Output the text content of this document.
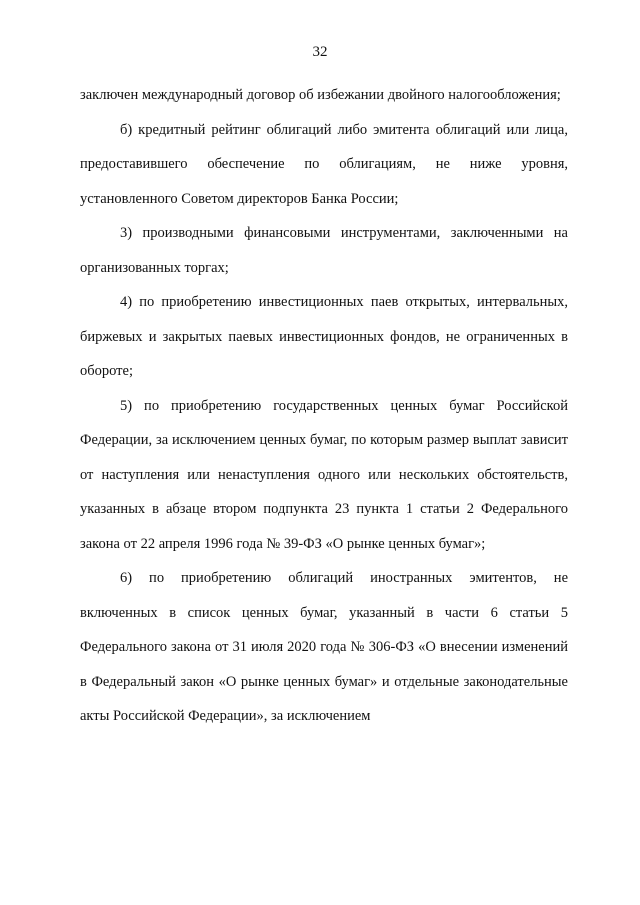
32

заключен международный договор об избежании двойного налогообложения;

б) кредитный рейтинг облигаций либо эмитента облигаций или лица, предоставившего обеспечение по облигациям, не ниже уровня, установленного Советом директоров Банка России;

3) производными финансовыми инструментами, заключенными на организованных торгах;

4) по приобретению инвестиционных паев открытых, интервальных, биржевых и закрытых паевых инвестиционных фондов, не ограниченных в обороте;

5) по приобретению государственных ценных бумаг Российской Федерации, за исключением ценных бумаг, по которым размер выплат зависит от наступления или ненаступления одного или нескольких обстоятельств, указанных в абзаце втором подпункта 23 пункта 1 статьи 2 Федерального закона от 22 апреля 1996 года № 39-ФЗ «О рынке ценных бумаг»;

6) по приобретению облигаций иностранных эмитентов, не включенных в список ценных бумаг, указанный в части 6 статьи 5 Федерального закона от 31 июля 2020 года № 306-ФЗ «О внесении изменений в Федеральный закон «О рынке ценных бумаг» и отдельные законодательные акты Российской Федерации», за исключением
